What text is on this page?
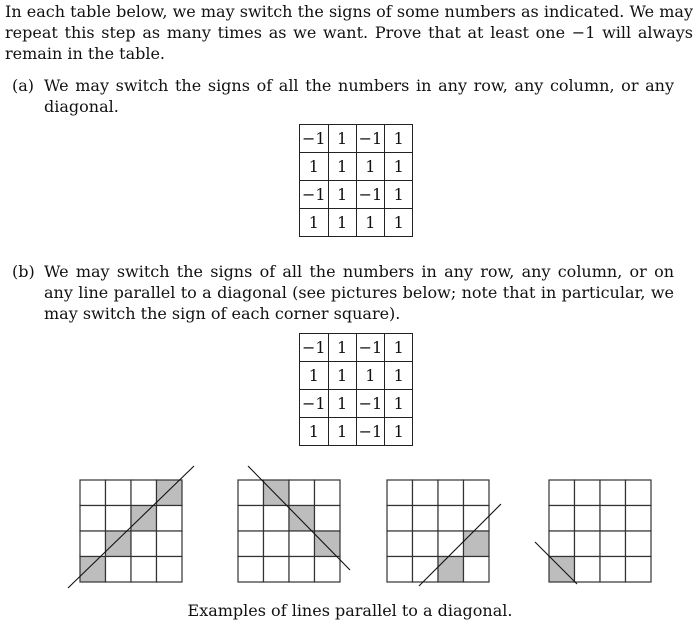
In each table below, we may switch the signs of some numbers as indicated. We may repeat this step as many times as we want. Prove that at least one −1 will always remain in the table.

(a) We may switch the signs of all the numbers in any row, any column, or any diagonal.
−1	1	−1	1
1	1	1	1
−1	1	−1	1
1	1	1	1
(b) We may switch the signs of all the numbers in any row, any column, or on any line parallel to a diagonal (see pictures below; note that in particular, we may switch the sign of each corner square).
−1	1	−1	1
1	1	1	1
−1	1	−1	1
1	1	−1	1
Examples of lines parallel to a diagonal.
